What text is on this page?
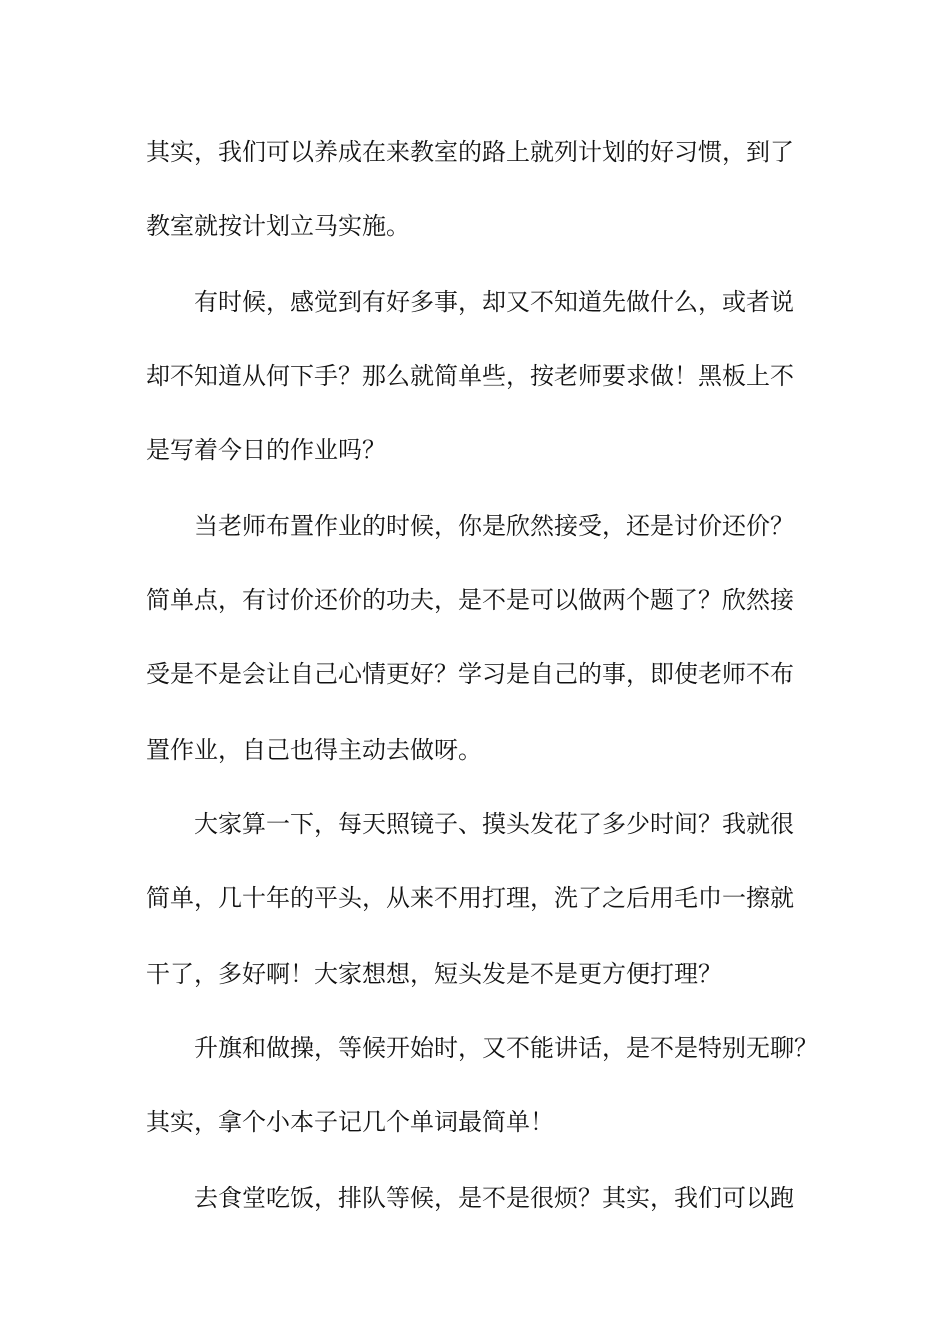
其实，我们可以养成在来教室的路上就列计划的好习惯，到了

教室就按计划立马实施。

有时候，感觉到有好多事，却又不知道先做什么，或者说

却不知道从何下手？那么就简单些，按老师要求做！黑板上不

是写着今日的作业吗？

当老师布置作业的时候，你是欣然接受，还是讨价还价？

简单点，有讨价还价的功夫，是不是可以做两个题了？欣然接

受是不是会让自己心情更好？学习是自己的事，即使老师不布

置作业，自己也得主动去做呀。

大家算一下，每天照镜子、摸头发花了多少时间？我就很

简单，几十年的平头，从来不用打理，洗了之后用毛巾一擦就

干了，多好啊！大家想想，短头发是不是更方便打理？

升旗和做操，等候开始时，又不能讲话，是不是特别无聊？

其实，拿个小本子记几个单词最简单！

去食堂吃饭，排队等候，是不是很烦？其实，我们可以跑
